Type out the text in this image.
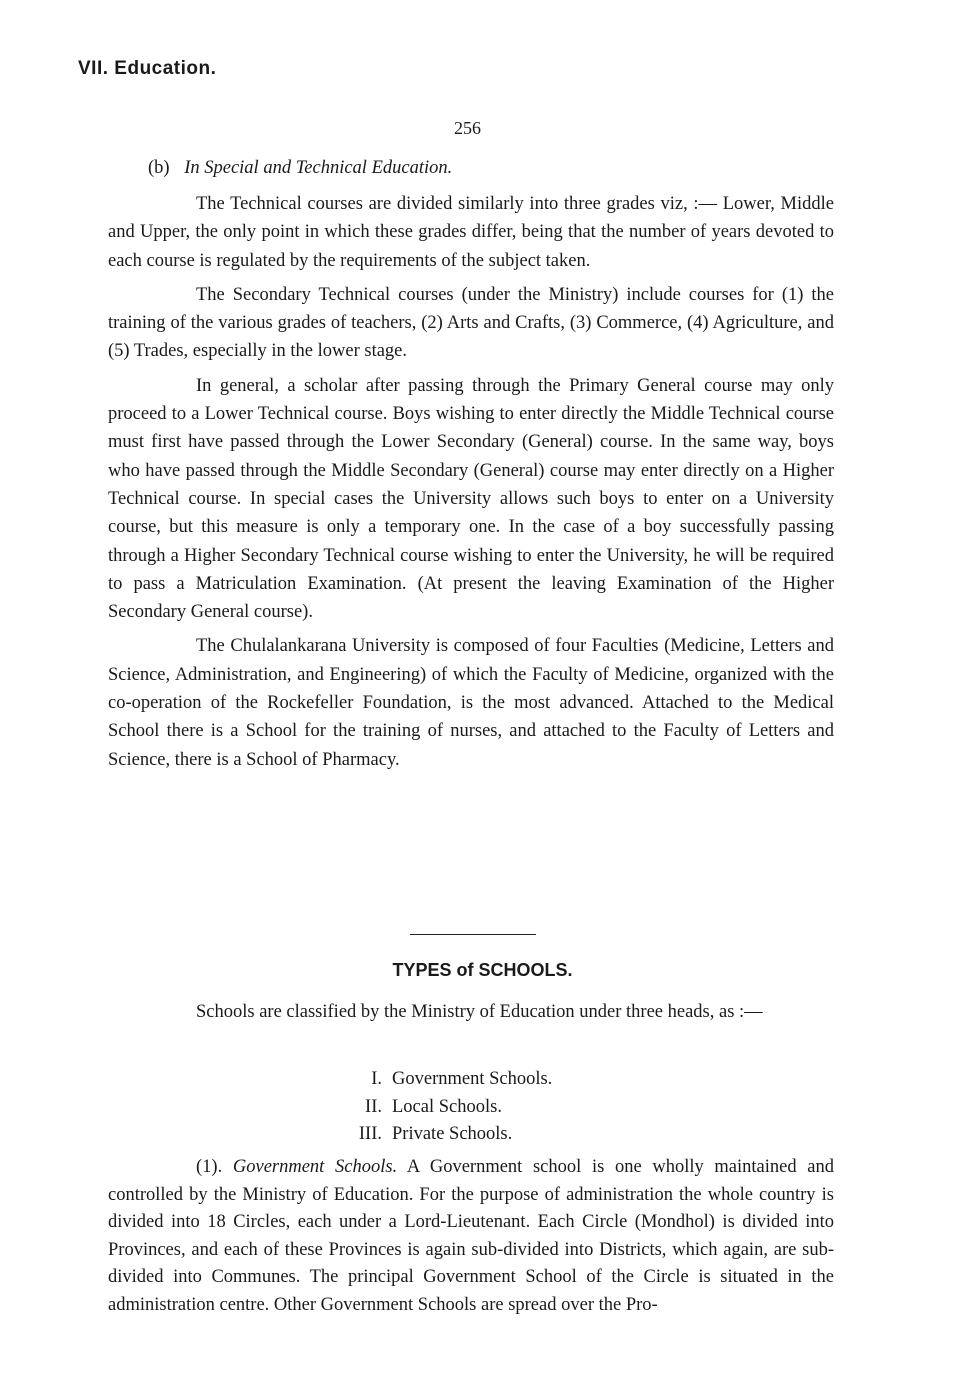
VII. Education.
256
(b) In Special and Technical Education.

The Technical courses are divided similarly into three grades viz, :— Lower, Middle and Upper, the only point in which these grades differ, being that the number of years devoted to each course is regulated by the requirements of the subject taken.

The Secondary Technical courses (under the Ministry) include courses for (1) the training of the various grades of teachers, (2) Arts and Crafts, (3) Commerce, (4) Agriculture, and (5) Trades, especially in the lower stage.

In general, a scholar after passing through the Primary General course may only proceed to a Lower Technical course. Boys wishing to enter directly the Middle Technical course must first have passed through the Lower Secondary (General) course. In the same way, boys who have passed through the Middle Secondary (General) course may enter directly on a Higher Technical course. In special cases the University allows such boys to enter on a University course, but this measure is only a temporary one. In the case of a boy successfully passing through a Higher Secondary Technical course wishing to enter the University, he will be required to pass a Matriculation Examination. (At present the leaving Examination of the Higher Secondary General course).

The Chulalankarana University is composed of four Faculties (Medicine, Letters and Science, Administration, and Engineering) of which the Faculty of Medicine, organized with the co-operation of the Rockefeller Foundation, is the most advanced. Attached to the Medical School there is a School for the training of nurses, and attached to the Faculty of Letters and Science, there is a School of Pharmacy.

TYPES of SCHOOLS.

Schools are classified by the Ministry of Education under three heads, as :—

I. Government Schools.
II. Local Schools.
III. Private Schools.

(1). Government Schools. A Government school is one wholly maintained and controlled by the Ministry of Education. For the purpose of administration the whole country is divided into 18 Circles, each under a Lord-Lieutenant. Each Circle (Mondhol) is divided into Provinces, and each of these Provinces is again sub-divided into Districts, which again, are sub-divided into Communes. The principal Government School of the Circle is situated in the administration centre. Other Government Schools are spread over the Pro-
